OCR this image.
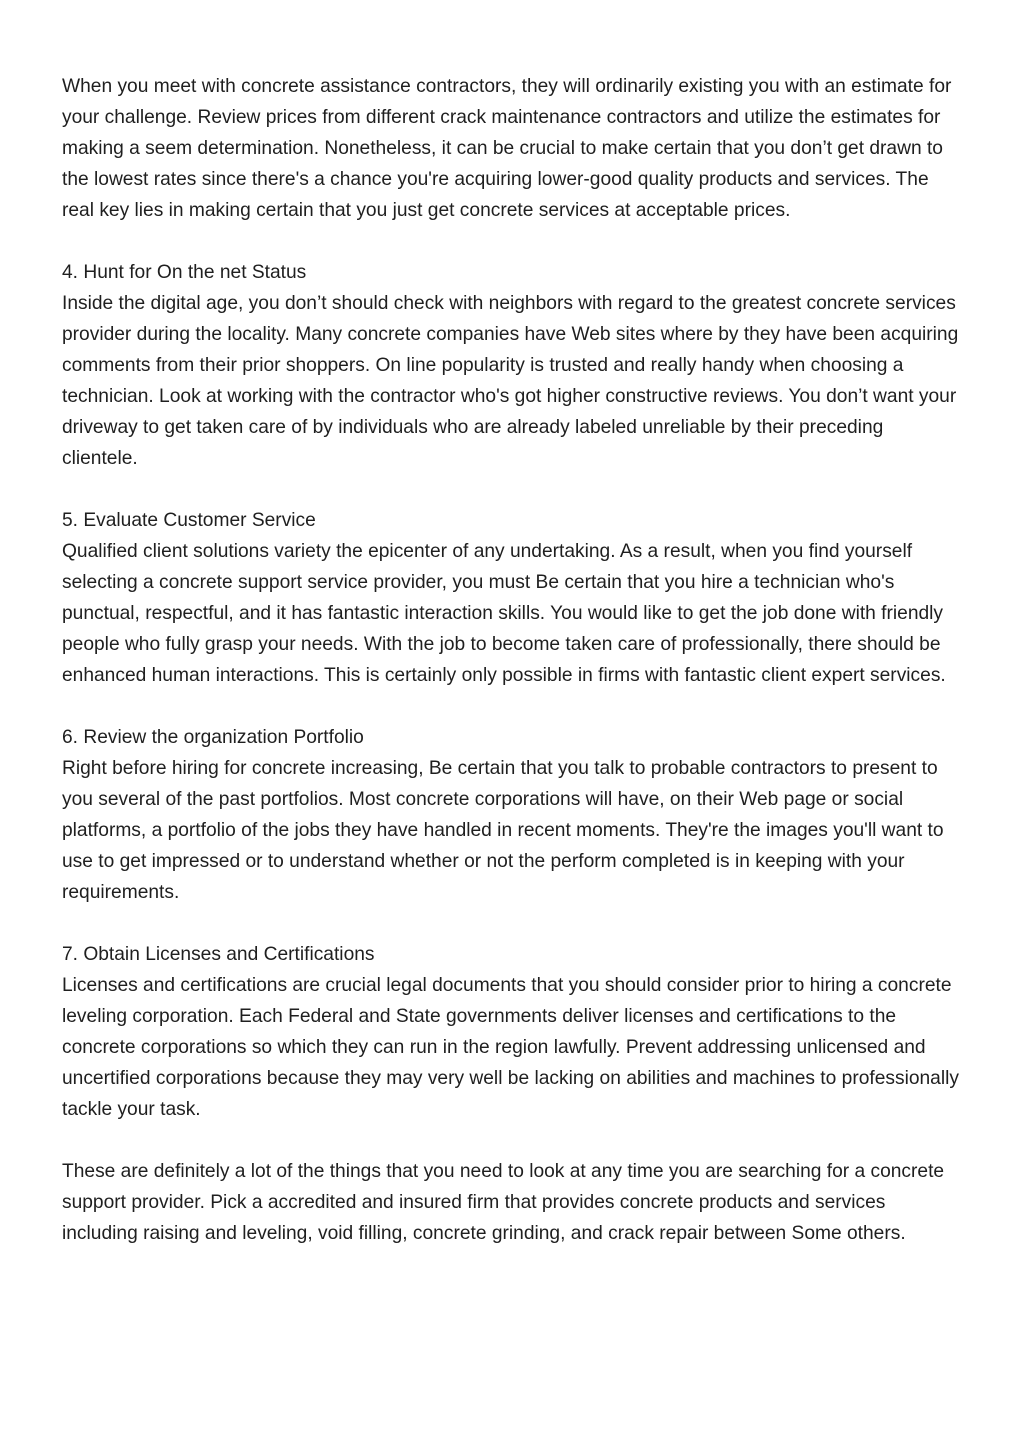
When you meet with concrete assistance contractors, they will ordinarily existing you with an estimate for your challenge. Review prices from different crack maintenance contractors and utilize the estimates for making a seem determination. Nonetheless, it can be crucial to make certain that you don’t get drawn to the lowest rates since there's a chance you're acquiring lower-good quality products and services. The real key lies in making certain that you just get concrete services at acceptable prices.

4. Hunt for On the net Status

Inside the digital age, you don’t should check with neighbors with regard to the greatest concrete services provider during the locality. Many concrete companies have Web sites where by they have been acquiring comments from their prior shoppers. On line popularity is trusted and really handy when choosing a technician. Look at working with the contractor who's got higher constructive reviews. You don’t want your driveway to get taken care of by individuals who are already labeled unreliable by their preceding clientele.

5. Evaluate Customer Service

Qualified client solutions variety the epicenter of any undertaking. As a result, when you find yourself selecting a concrete support service provider, you must Be certain that you hire a technician who's punctual, respectful, and it has fantastic interaction skills. You would like to get the job done with friendly people who fully grasp your needs. With the job to become taken care of professionally, there should be enhanced human interactions. This is certainly only possible in firms with fantastic client expert services.

6. Review the organization Portfolio

Right before hiring for concrete increasing, Be certain that you talk to probable contractors to present to you several of the past portfolios. Most concrete corporations will have, on their Web page or social platforms, a portfolio of the jobs they have handled in recent moments. They're the images you'll want to use to get impressed or to understand whether or not the perform completed is in keeping with your requirements.

7. Obtain Licenses and Certifications

Licenses and certifications are crucial legal documents that you should consider prior to hiring a concrete leveling corporation. Each Federal and State governments deliver licenses and certifications to the concrete corporations so which they can run in the region lawfully. Prevent addressing unlicensed and uncertified corporations because they may very well be lacking on abilities and machines to professionally tackle your task.

These are definitely a lot of the things that you need to look at any time you are searching for a concrete support provider. Pick a accredited and insured firm that provides concrete products and services including raising and leveling, void filling, concrete grinding, and crack repair between Some others.
